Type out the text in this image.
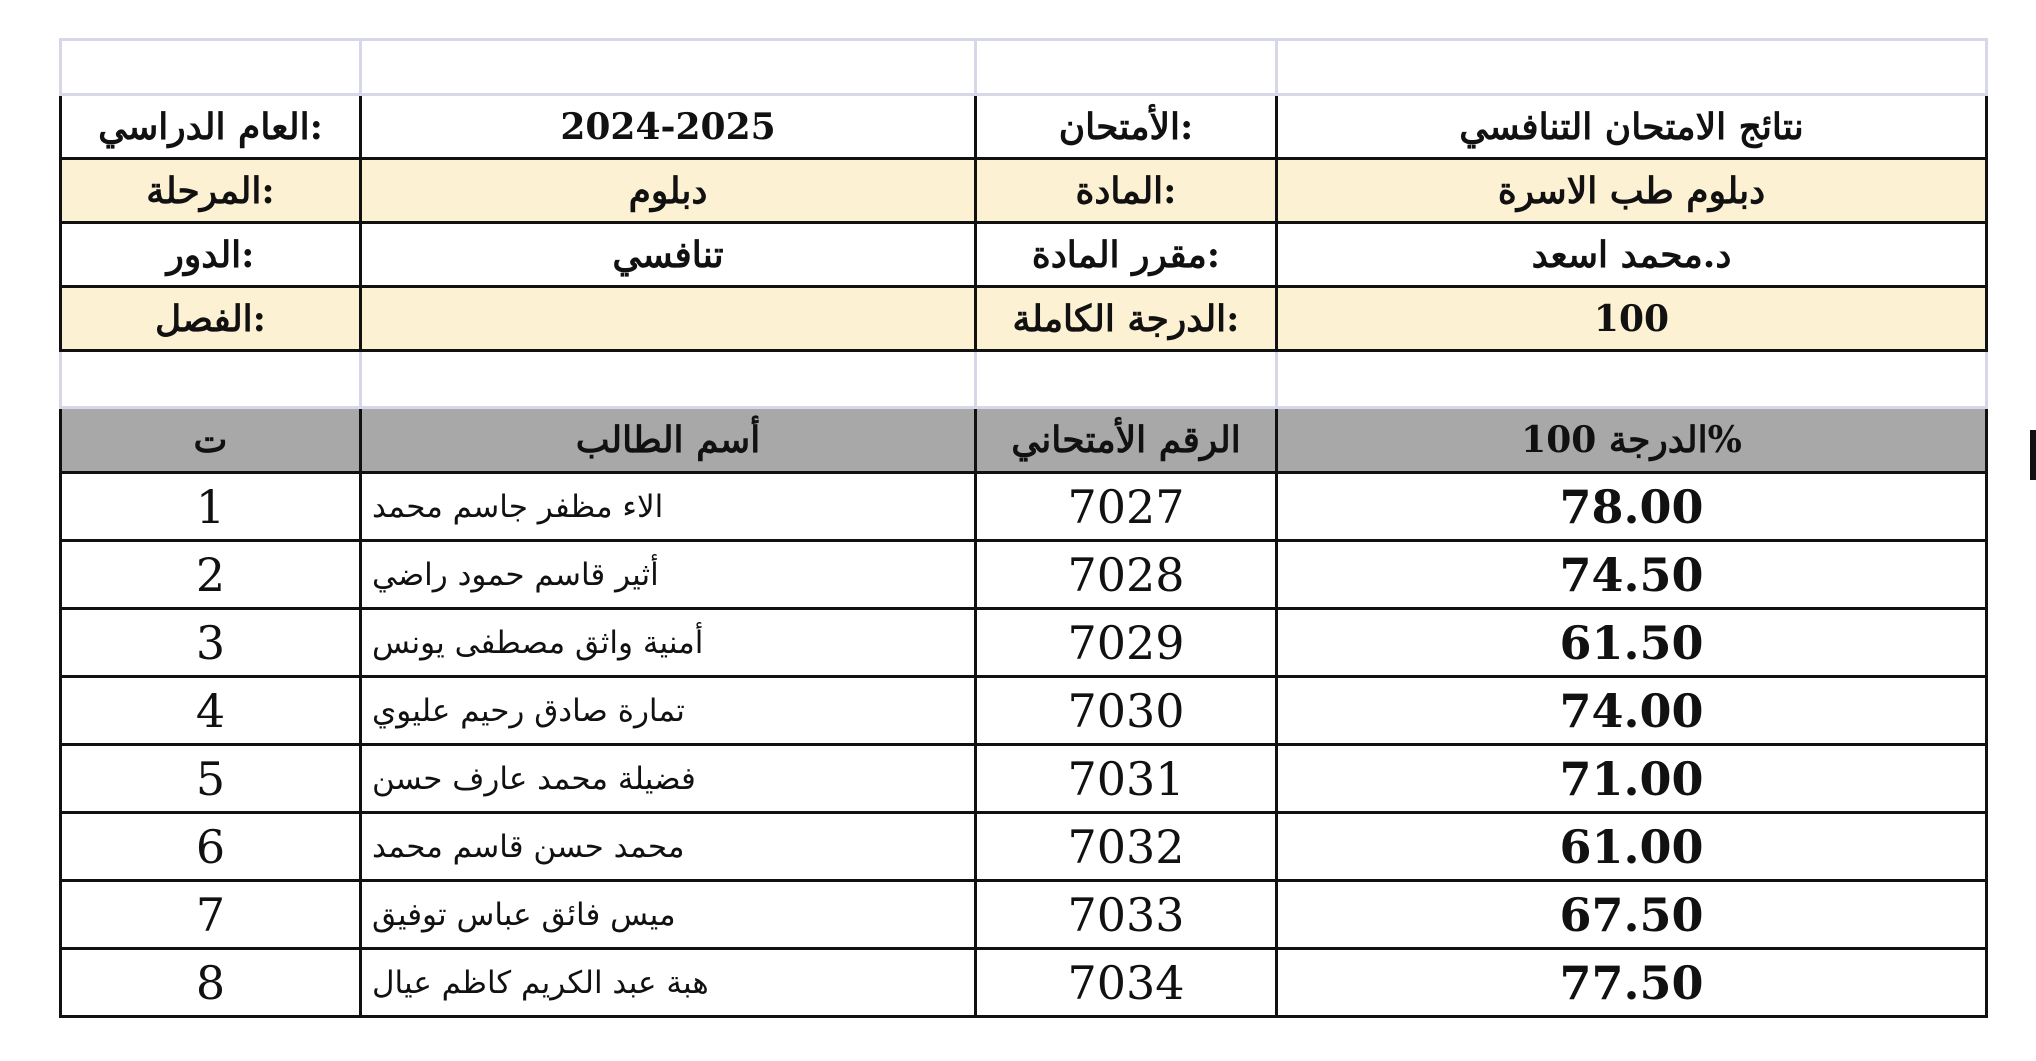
:العام الدراسي	2024-2025	:الأمتحان	نتائج الامتحان التنافسي
:المرحلة	دبلوم	:المادة	دبلوم طب الاسرة
:الدور	تنافسي	:مقرر المادة	د.محمد اسعد
:الفصل		:الدرجة الكاملة	100

ت	أسم الطالب	الرقم الأمتحاني	%الدرجة 100
1	الاء مظفر جاسم محمد	7027	78.00
2	أثير قاسم حمود راضي	7028	74.50
3	أمنية واثق مصطفى يونس	7029	61.50
4	تمارة صادق رحيم عليوي	7030	74.00
5	فضيلة محمد عارف حسن	7031	71.00
6	محمد حسن قاسم محمد	7032	61.00
7	ميس فائق عباس توفيق	7033	67.50
8	هبة عبد الكريم كاظم عيال	7034	77.50
